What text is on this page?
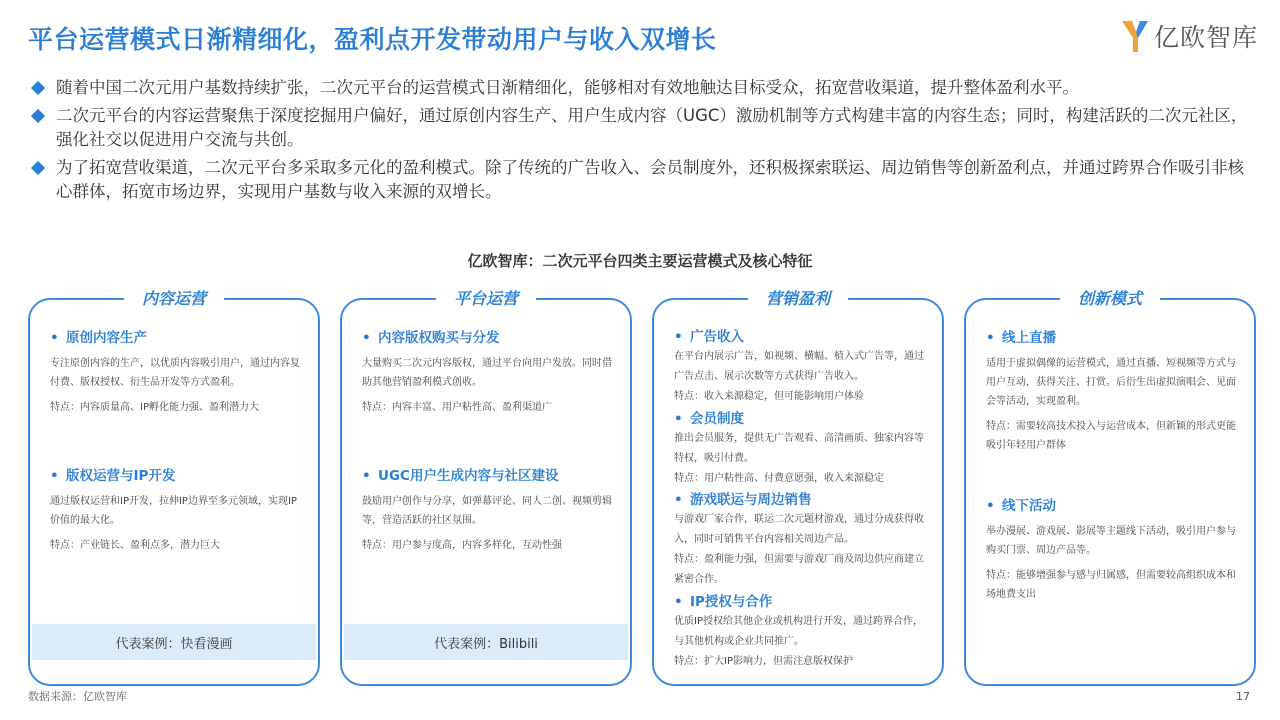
平台运营模式日渐精细化，盈利点开发带动用户与收入双增长	亿欧智库
随着中国二次元用户基数持续扩张，二次元平台的运营模式日渐精细化，能够相对有效地触达目标受众，拓宽营收渠道，提升整体盈利水平。
二次元平台的内容运营聚焦于深度挖掘用户偏好，通过原创内容生产、用户生成内容（UGC）激励机制等方式构建丰富的内容生态；同时，构建活跃的二次元社区，强化社交以促进用户交流与共创。
为了拓宽营收渠道，二次元平台多采取多元化的盈利模式。除了传统的广告收入、会员制度外，还积极探索联运、周边销售等创新盈利点，并通过跨界合作吸引非核心群体，拓宽市场边界，实现用户基数与收入来源的双增长。
亿欧智库：二次元平台四类主要运营模式及核心特征
内容运营
• 原创内容生产
专注原创内容的生产，以优质内容吸引用户，通过内容复付费、版权授权、衍生品开发等方式盈利。
特点：内容质量高、IP孵化能力强、盈利潜力大
• 版权运营与IP开发
通过版权运营和IP开发，拉伸IP边界至多元领域，实现IP价值的最大化。
特点：产业链长、盈利点多，潜力巨大
代表案例：快看漫画
平台运营
• 内容版权购买与分发
大量购买二次元内容版权，通过平台向用户发放。同时借助其他营销盈利模式创收。
特点：内容丰富、用户粘性高、盈利渠道广
• UGC用户生成内容与社区建设
鼓励用户创作与分享，如弹幕评论、同人二创、视频剪辑等，营造活跃的社区氛围。
特点：用户参与度高，内容多样化，互动性强
代表案例：Bilibili
营销盈利
• 广告收入
在平台内展示广告，如视频、横幅、植入式广告等，通过广告点击、展示次数等方式获得广告收入。
特点：收入来源稳定，但可能影响用户体验
• 会员制度
推出会员服务，提供无广告观看、高清画质、独家内容等特权，吸引付费。
特点：用户粘性高、付费意愿强，收入来源稳定
• 游戏联运与周边销售
与游戏厂家合作，联运二次元题材游戏，通过分成获得收入，同时可销售平台内容相关周边产品。
特点：盈利能力强，但需要与游戏厂商及周边供应商建立紧密合作。
• IP授权与合作
优质IP授权给其他企业或机构进行开发，通过跨界合作，与其他机构或企业共同推广。
特点：扩大IP影响力，但需注意版权保护
创新模式
• 线上直播
适用于虚拟偶像的运营模式，通过直播、短视频等方式与用户互动，获得关注、打赏。后衍生出虚拟演唱会、见面会等活动，实现盈利。
特点：需要较高技术投入与运营成本，但新颖的形式更能吸引年轻用户群体
• 线下活动
举办漫展、游戏展、影展等主题线下活动，吸引用户参与购买门票、周边产品等。
特点：能够增强参与感与归属感，但需要较高组织成本和场地费支出
数据来源：亿欧智库	17
